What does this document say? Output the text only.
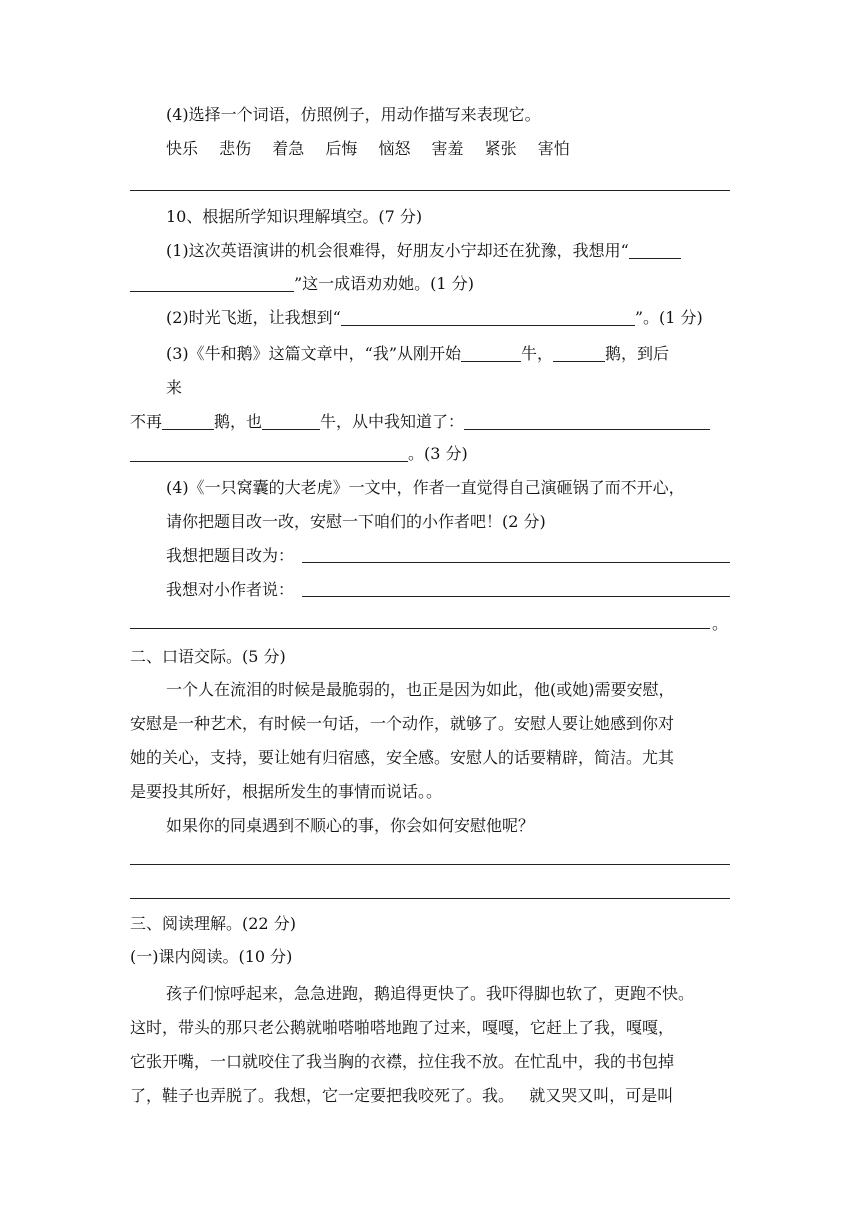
(4)选择一个词语，仿照例子，用动作描写来表现它。
快乐 悲伤 着急 后悔 恼怒 害羞 紧张 害怕
10、根据所学知识理解填空。(7 分)
(1)这次英语演讲的机会很难得，好朋友小宁却还在犹豫，我想用“
”这一成语劝劝她。(1 分)
(2)时光飞逝，让我想到“	”。(1 分)
(3)《牛和鹅》这篇文章中，“我”从刚开始	牛，	鹅，到后
来
不再	鹅，也	牛，从中我知道了：
。(3 分)
(4)《一只窝囊的大老虎》一文中，作者一直觉得自己演砸锅了而不开心，
请你把题目改一改，安慰一下咱们的小作者吧！(2 分)
我想把题目改为：
我想对小作者说：
。
二、口语交际。(5 分)
一个人在流泪的时候是最脆弱的，也正是因为如此，他(或她)需要安慰，
安慰是一种艺术，有时候一句话，一个动作，就够了。安慰人要让她感到你对
她的关心，支持，要让她有归宿感，安全感。安慰人的话要精辟，简洁。尤其
是要投其所好，根据所发生的事情而说话。。
如果你的同桌遇到不顺心的事，你会如何安慰他呢？
三、阅读理解。(22 分)
(一)课内阅读。(10 分)
孩子们惊呼起来，急急进跑，鹅追得更快了。我吓得脚也软了，更跑不快。
这时，带头的那只老公鹅就啪嗒啪嗒地跑了过来，嘎嘎，它赶上了我，嘎嘎，
它张开嘴，一口就咬住了我当胸的衣襟，拉住我不放。在忙乱中，我的书包掉
了，鞋子也弄脱了。我想，它一定要把我咬死了。我。   就又哭又叫，可是叫
